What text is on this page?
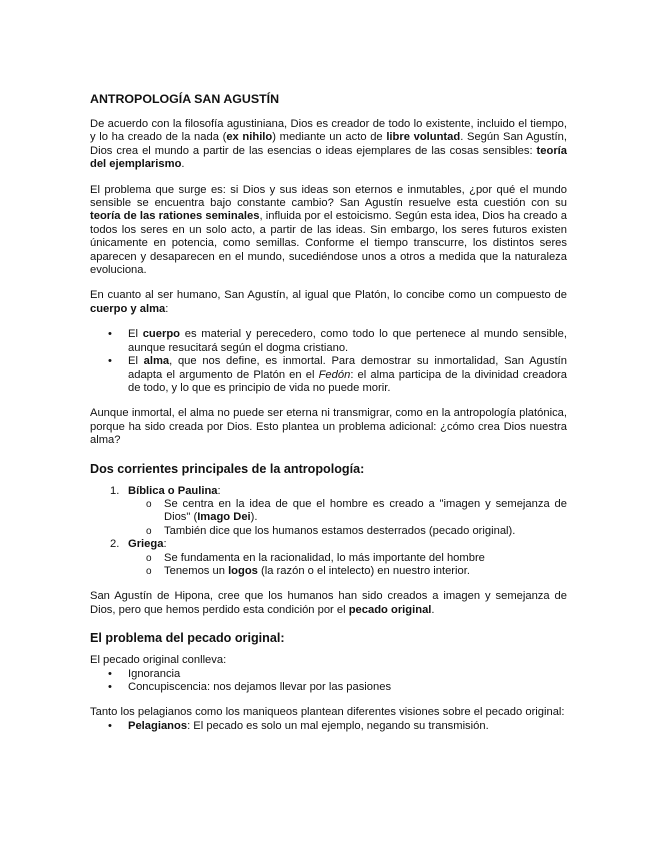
ANTROPOLOGÍA SAN AGUSTÍN

De acuerdo con la filosofía agustiniana, Dios es creador de todo lo existente, incluido el tiempo, y lo ha creado de la nada (ex nihilo) mediante un acto de libre voluntad. Según San Agustín, Dios crea el mundo a partir de las esencias o ideas ejemplares de las cosas sensibles: teoría del ejemplarismo.

El problema que surge es: si Dios y sus ideas son eternos e inmutables, ¿por qué el mundo sensible se encuentra bajo constante cambio? San Agustín resuelve esta cuestión con su teoría de las rationes seminales, influida por el estoicismo. Según esta idea, Dios ha creado a todos los seres en un solo acto, a partir de las ideas. Sin embargo, los seres futuros existen únicamente en potencia, como semillas. Conforme el tiempo transcurre, los distintos seres aparecen y desaparecen en el mundo, sucediéndose unos a otros a medida que la naturaleza evoluciona.

En cuanto al ser humano, San Agustín, al igual que Platón, lo concibe como un compuesto de cuerpo y alma:

•	El cuerpo es material y perecedero, como todo lo que pertenece al mundo sensible, aunque resucitará según el dogma cristiano.
•	El alma, que nos define, es inmortal. Para demostrar su inmortalidad, San Agustín adapta el argumento de Platón en el Fedón: el alma participa de la divinidad creadora de todo, y lo que es principio de vida no puede morir.

Aunque inmortal, el alma no puede ser eterna ni transmigrar, como en la antropología platónica, porque ha sido creada por Dios. Esto plantea un problema adicional: ¿cómo crea Dios nuestra alma?

Dos corrientes principales de la antropología:
1. Bíblica o Paulina:
o	Se centra en la idea de que el hombre es creado a "imagen y semejanza de Dios" (Imago Dei).
o	También dice que los humanos estamos desterrados (pecado original).
2. Griega:
o	Se fundamenta en la racionalidad, lo más importante del hombre
o	Tenemos un logos (la razón o el intelecto) en nuestro interior.

San Agustín de Hipona, cree que los humanos han sido creados a imagen y semejanza de Dios, pero que hemos perdido esta condición por el pecado original.

El problema del pecado original:

El pecado original conlleva:

•	Ignorancia
•	Concupiscencia: nos dejamos llevar por las pasiones

Tanto los pelagianos como los maniqueos plantean diferentes visiones sobre el pecado original:

•	Pelagianos: El pecado es solo un mal ejemplo, negando su transmisión.
